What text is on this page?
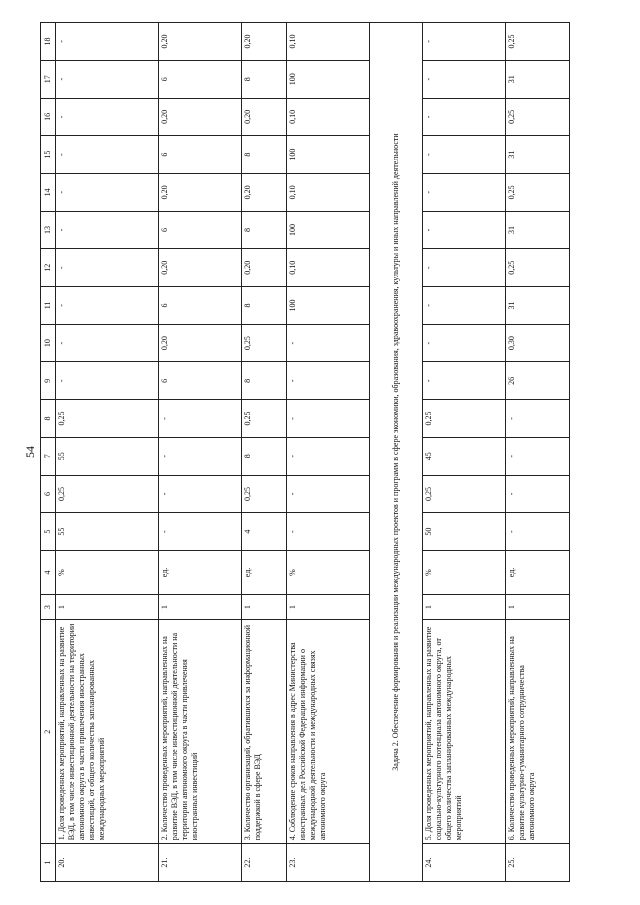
54
1	2	3	4	5	6	7	8	9	10	11	12	13	14	15	16	17	18
20.	1. Доля проведенных мероприятий, направленных на развитие ВЭД, в том числе инвестиционной деятельности на территории автономного округа в части привлечения иностранных инвестиций, от общего количества запланированных международных мероприятий	1	%	55	0,25	55	0,25	-	-	-	-	-	-	-	-	-	-
21.	2. Количество проведенных мероприятий, направленных на развитие ВЭД, в том числе инвестиционной деятельности на территории автономного округа в части привлечения иностранных инвестиций	1	ед.	-	-	-	-	6	0,20	6	0,20	6	0,20	6	0,20	6	0,20
22.	3. Количество организаций, обратившихся за информационной поддержкой в сфере ВЭД	1	ед.	4	0,25	8	0,25	8	0,25	8	0,20	8	0,20	8	0,20	8	0,20
23.	4. Соблюдение сроков направления в адрес Министерства иностранных дел Российской Федерации информации о международной деятельности и международных связях автономного округа	1	%	-	-	-	-	-	-	100	0,10	100	0,10	100	0,10	100	0,10
Задача 2. Обеспечение формирования и реализации международных проектов и программ в сфере экономики, образования, здравоохранения, культуры и иных направлений деятельности																	
24.	5. Доля проведенных мероприятий, направленных на развитие социально-культурного потенциала автономного округа, от общего количества запланированных международных мероприятий	1	%	50	0,25	45	0,25	-	-	-	-	-	-	-	-	-	-
25.	6. Количество проведенных мероприятий, направленных на развитие культурно-гуманитарного сотрудничества автономного округа	1	ед.	-	-	-	-	26	0,30	31	0,25	31	0,25	31	0,25	31	0,25
